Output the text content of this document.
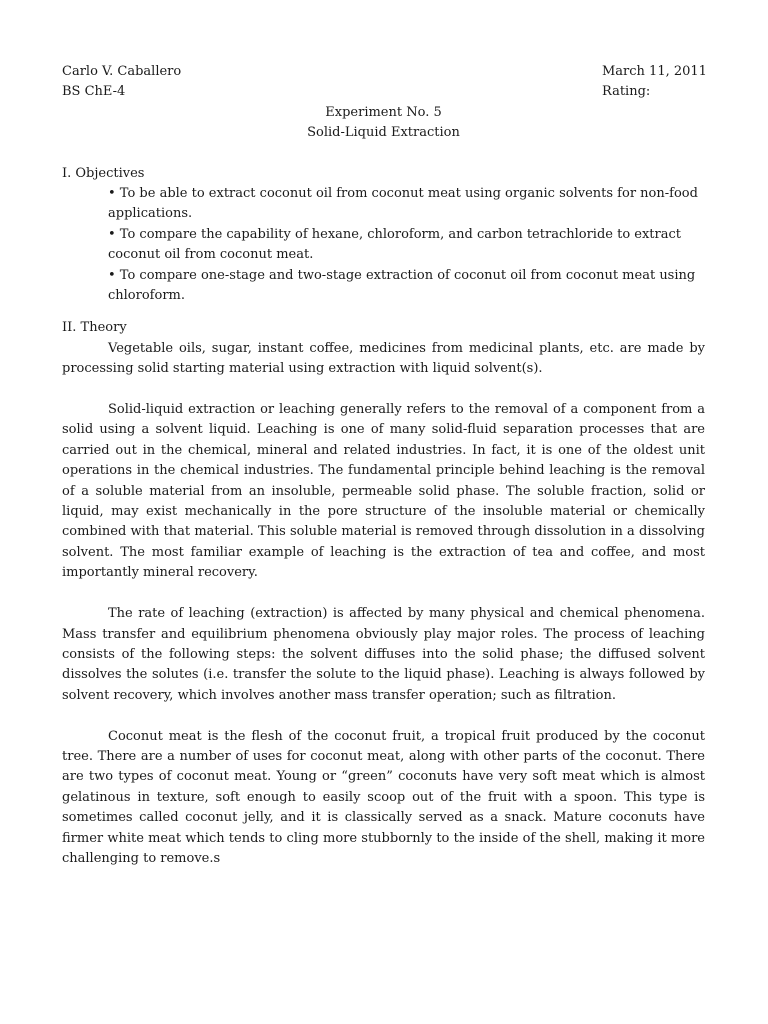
Carlo V. Caballero	March 11, 2011
BS ChE-4	Rating:
Experiment No. 5
Solid-Liquid Extraction
I. Objectives
• To be able to extract coconut oil from coconut meat using organic solvents for non-food applications.
• To compare the capability of hexane, chloroform, and carbon tetrachloride to extract coconut oil from coconut meat.
• To compare one-stage and two-stage extraction of coconut oil from coconut meat using chloroform.
II. Theory

Vegetable oils, sugar, instant coffee, medicines from medicinal plants, etc. are made by processing solid starting material using extraction with liquid solvent(s).

Solid-liquid extraction or leaching generally refers to the removal of a component from a solid using a solvent liquid. Leaching is one of many solid-fluid separation processes that are carried out in the chemical, mineral and related industries. In fact, it is one of the oldest unit operations in the chemical industries. The fundamental principle behind leaching is the removal of a soluble material from an insoluble, permeable solid phase. The soluble fraction, solid or liquid, may exist mechanically in the pore structure of the insoluble material or chemically combined with that material. This soluble material is removed through dissolution in a dissolving solvent. The most familiar example of leaching is the extraction of tea and coffee, and most importantly mineral recovery.

The rate of leaching (extraction) is affected by many physical and chemical phenomena. Mass transfer and equilibrium phenomena obviously play major roles. The process of leaching consists of the following steps: the solvent diffuses into the solid phase; the diffused solvent dissolves the solutes (i.e. transfer the solute to the liquid phase). Leaching is always followed by solvent recovery, which involves another mass transfer operation; such as filtration.

Coconut meat is the flesh of the coconut fruit, a tropical fruit produced by the coconut tree. There are a number of uses for coconut meat, along with other parts of the coconut. There are two types of coconut meat. Young or “green” coconuts have very soft meat which is almost gelatinous in texture, soft enough to easily scoop out of the fruit with a spoon. This type is sometimes called coconut jelly, and it is classically served as a snack. Mature coconuts have firmer white meat which tends to cling more stubbornly to the inside of the shell, making it more challenging to remove.s
